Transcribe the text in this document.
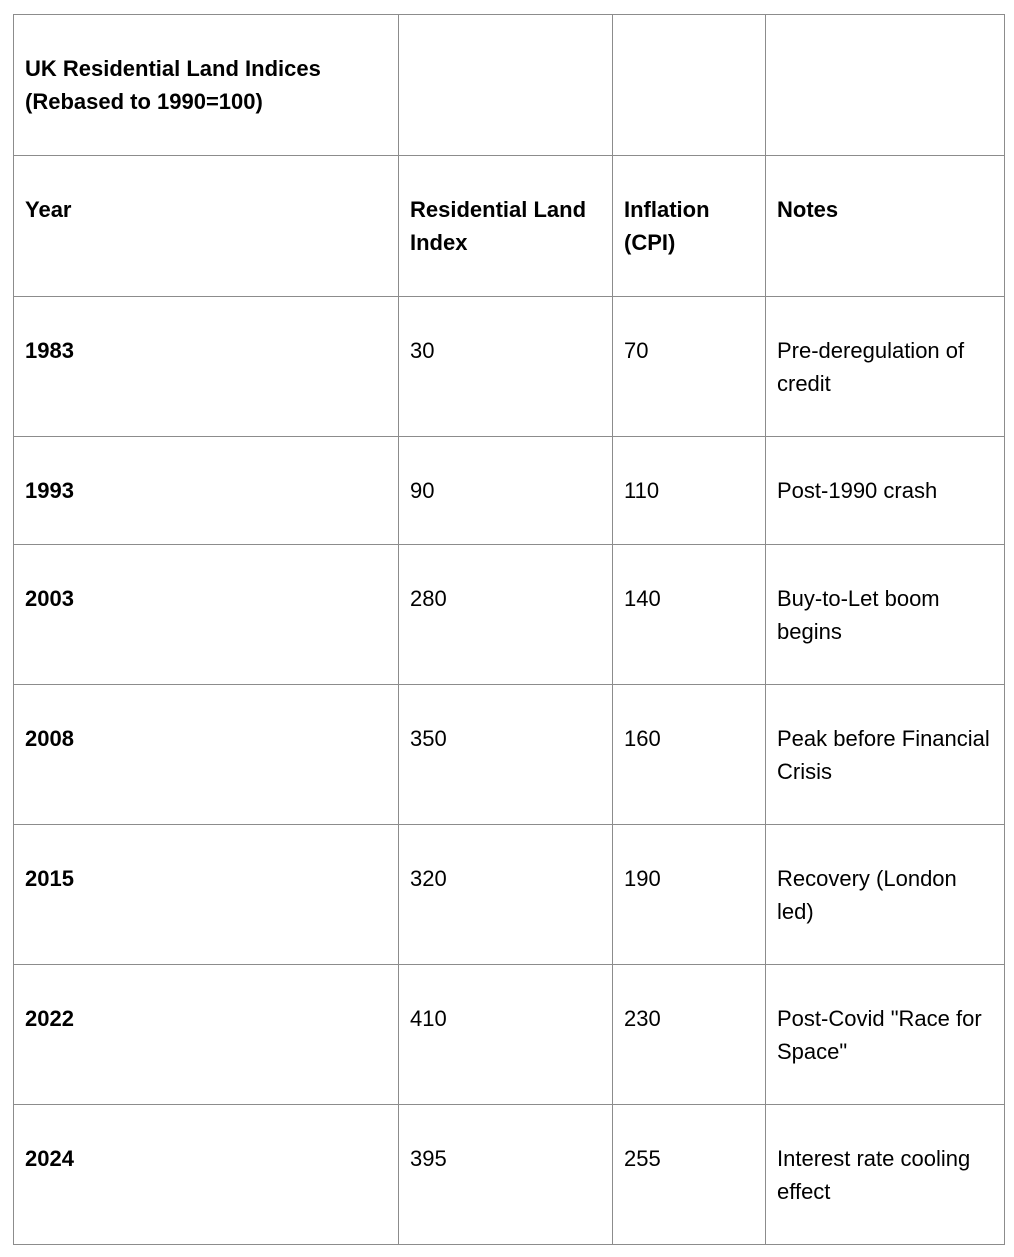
UK Residential Land Indices (Rebased to 1990=100)			
Year	Residential Land Index	Inflation (CPI)	Notes
1983	30	70	Pre-deregulation of credit
1993	90	110	Post-1990 crash
2003	280	140	Buy-to-Let boom begins
2008	350	160	Peak before Financial Crisis
2015	320	190	Recovery (London led)
2022	410	230	Post-Covid "Race for Space"
2024	395	255	Interest rate cooling effect
